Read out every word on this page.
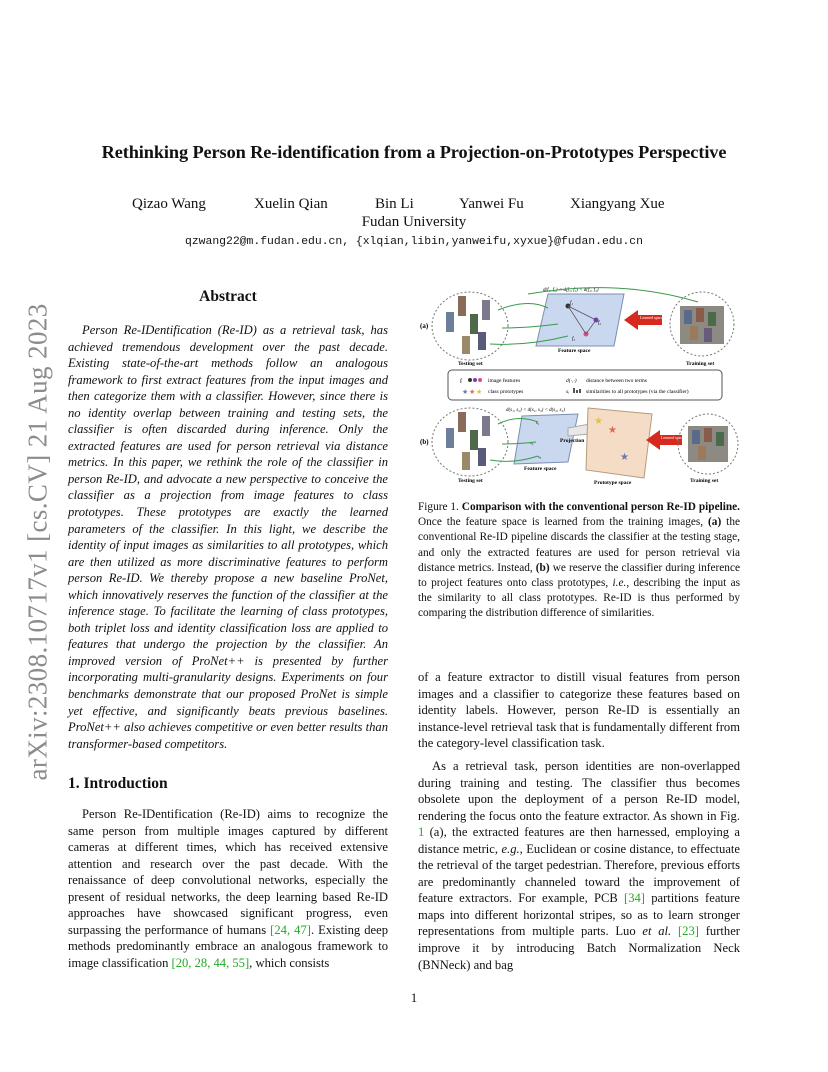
Rethinking Person Re-identification from a Projection-on-Prototypes Perspective
Qizao Wang	Xuelin Qian	Bin Li	Yanwei Fu	Xiangyang Xue
Fudan University
qzwang22@m.fudan.edu.cn, {xlqian,libin,yanweifu,xyxue}@fudan.edu.cn
arXiv:2308.10717v1 [cs.CV] 21 Aug 2023
Abstract

Person Re-IDentification (Re-ID) as a retrieval task, has achieved tremendous development over the past decade. Existing state-of-the-art methods follow an analogous framework to first extract features from the input images and then categorize them with a classifier. However, since there is no identity overlap between training and testing sets, the classifier is often discarded during inference. Only the extracted features are used for person retrieval via distance metrics. In this paper, we rethink the role of the classifier in person Re-ID, and advocate a new perspective to conceive the classifier as a projection from image features to class prototypes. These prototypes are exactly the learned parameters of the classifier. In this light, we describe the identity of input images as similarities to all prototypes, which are then utilized as more discriminative features to perform person Re-ID. We thereby propose a new baseline ProNet, which innovatively reserves the function of the classifier at the inference stage. To facilitate the learning of class prototypes, both triplet loss and identity classification loss are applied to features that undergo the projection by the classifier. An improved version of ProNet++ is presented by further incorporating multi-granularity designs. Experiments on four benchmarks demonstrate that our proposed ProNet is simple yet effective, and significantly beats previous baselines. ProNet++ also achieves competitive or even better results than transformer-based competitors.

1. Introduction

Person Re-IDentification (Re-ID) aims to recognize the same person from multiple images captured by different cameras at different times, which has received extensive attention and research over the past decade. With the renaissance of deep convolutional networks, especially the present of residual networks, the deep learning based Re-ID approaches have showcased significant progress, even surpassing the performance of humans [24, 47]. Existing deep methods predominantly embrace an analogous framework to image classification [20, 28, 44, 55], which consists

(a)
Testing set
Feature space
d(f₁, f₂) < d(f₁, f₃) < d(f₂, f₃)
f₁
f₂
f₃
Learned space
Training set
fᵢ	image features	d(·,·) distance between two terms
★ ★ ★ class prototypes	sᵢ	similarities to all prototypes (via the classifier)
(b)
Testing set
d(s₁, s₂) < d(s₁, s₃) < d(s₂, s₃)
Feature space
s₁
s₂
s₃
Projection
★
★
★
Prototype space
Learned space
Training set

Figure 1. Comparison with the conventional person Re-ID pipeline. Once the feature space is learned from the training images, (a) the conventional Re-ID pipeline discards the classifier at the testing stage, and only the extracted features are used for person retrieval via distance metrics. Instead, (b) we reserve the classifier during inference to project features onto class prototypes, i.e., describing the input as the similarity to all class prototypes. Re-ID is thus performed by comparing the distribution difference of similarities.

of a feature extractor to distill visual features from person images and a classifier to categorize these features based on identity labels. However, person Re-ID is essentially an instance-level retrieval task that is fundamentally different from the category-level classification task.

As a retrieval task, person identities are non-overlapped during training and testing. The classifier thus becomes obsolete upon the deployment of a person Re-ID model, rendering the focus onto the feature extractor. As shown in Fig. 1 (a), the extracted features are then harnessed, employing a distance metric, e.g., Euclidean or cosine distance, to effectuate the retrieval of the target pedestrian. Therefore, previous efforts are predominantly channeled toward the improvement of feature extractors. For example, PCB [34] partitions feature maps into different horizontal stripes, so as to learn stronger representations from multiple parts. Luo et al. [23] further improve it by introducing Batch Normalization Neck (BNNeck) and bag

1
